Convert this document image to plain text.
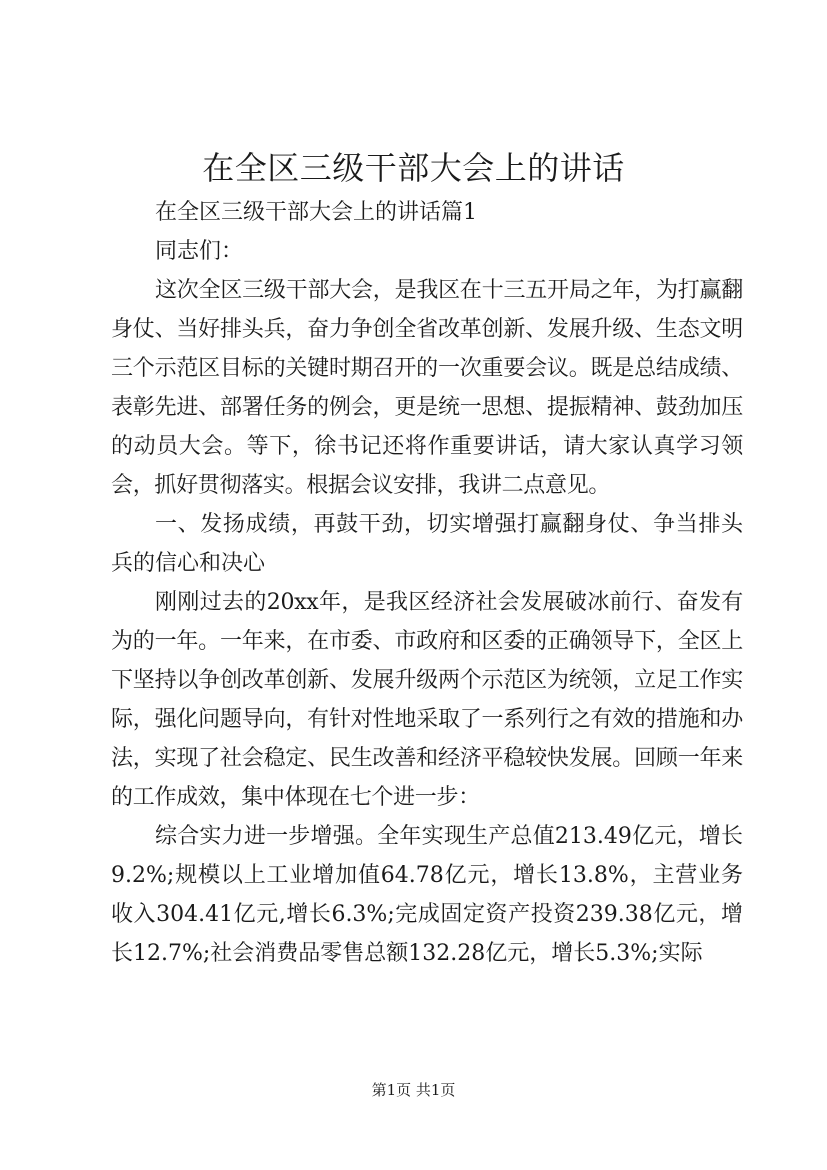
在全区三级干部大会上的讲话

在全区三级干部大会上的讲话篇1

同志们：

这次全区三级干部大会，是我区在十三五开局之年，为打赢翻身仗、当好排头兵，奋力争创全省改革创新、发展升级、生态文明三个示范区目标的关键时期召开的一次重要会议。既是总结成绩、表彰先进、部署任务的例会，更是统一思想、提振精神、鼓劲加压的动员大会。等下，徐书记还将作重要讲话，请大家认真学习领会，抓好贯彻落实。根据会议安排，我讲二点意见。

一、发扬成绩，再鼓干劲，切实增强打赢翻身仗、争当排头兵的信心和决心

刚刚过去的20xx年，是我区经济社会发展破冰前行、奋发有为的一年。一年来，在市委、市政府和区委的正确领导下，全区上下坚持以争创改革创新、发展升级两个示范区为统领，立足工作实际，强化问题导向，有针对性地采取了一系列行之有效的措施和办法，实现了社会稳定、民生改善和经济平稳较快发展。回顾一年来的工作成效，集中体现在七个进一步：

综合实力进一步增强。全年实现生产总值213.49亿元，增长9.2%;规模以上工业增加值64.78亿元，增长13.8%，主营业务收入304.41亿元,增长6.3%;完成固定资产投资239.38亿元，增长12.7%;社会消费品零售总额132.28亿元，增长5.3%;实际

第1页 共1页
